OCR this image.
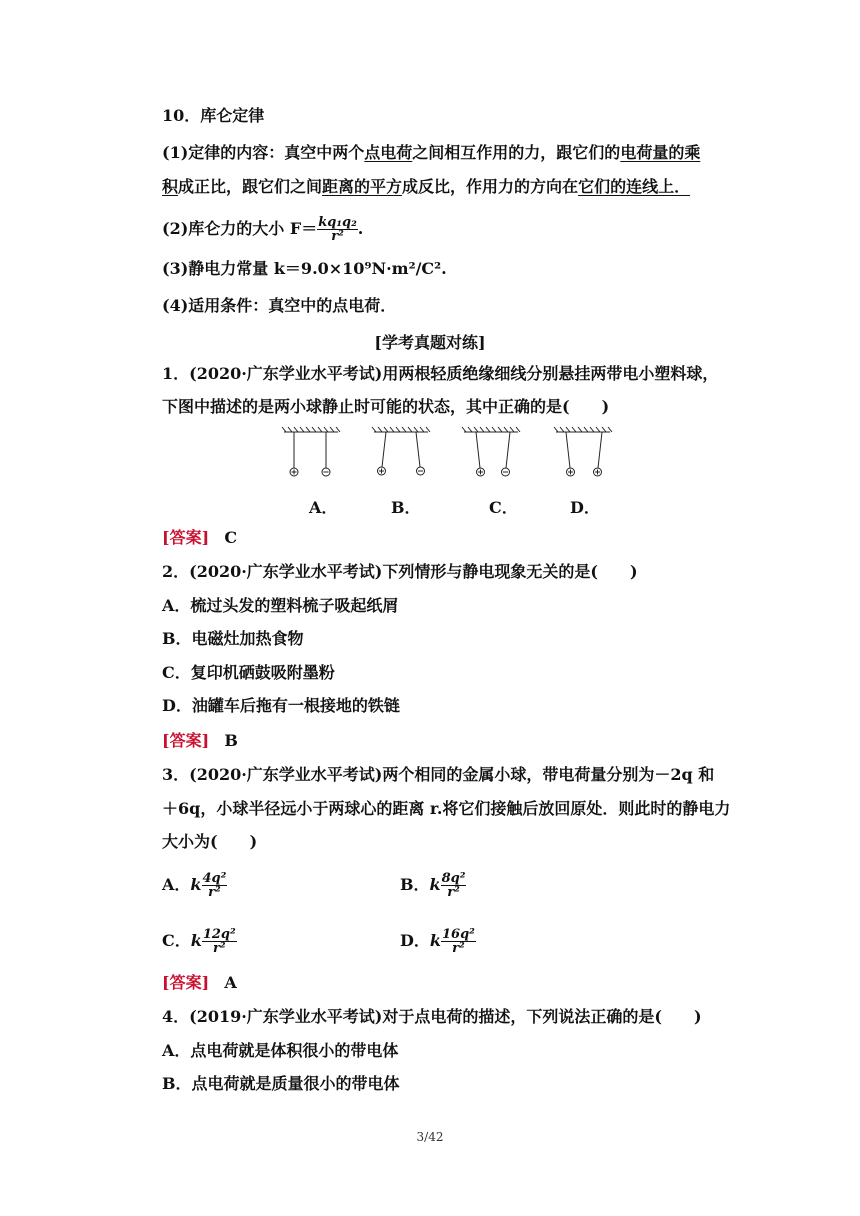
10．库仑定律
(1)定律的内容：真空中两个点电荷之间相互作用的力，跟它们的电荷量的乘
积成正比，跟它们之间距离的平方成反比，作用力的方向在它们的连线上．
(2)库仑力的大小 $F= \frac{\text{kq₁q₂}}{\text{r²}}$ .
(3)静电力常量 k＝9.0×10⁹N·m²/C².
(4)适用条件：真空中的点电荷．
[学考真题对练]
1．(2020·广东学业水平考试)用两根轻质绝缘细线分别悬挂两带电小塑料球，
下图中描述的是两小球静止时可能的状态，其中正确的是(　　)
A．	B．	C．	D．
[答案] C
2．(2020·广东学业水平考试)下列情形与静电现象无关的是(　　)
A．梳过头发的塑料梳子吸起纸屑
B．电磁灶加热食物
C．复印机硒鼓吸附墨粉
D．油罐车后拖有一根接地的铁链
[答案] B
3．(2020·广东学业水平考试)两个相同的金属小球，带电荷量分别为－2q 和
＋6q，小球半径远小于两球心的距离 r.将它们接触后放回原处．则此时的静电力
大小为(　　)
A．k $\frac{\text{4q²}}{\text{r²}}$	B．k $\frac{\text{8q²}}{\text{r²}}$
C．k $\frac{\text{12q²}}{\text{r²}}$	D．k $\frac{\text{16q²}}{\text{r²}}$
[答案] A
4．(2019·广东学业水平考试)对于点电荷的描述，下列说法正确的是(　　)
A．点电荷就是体积很小的带电体
B．点电荷就是质量很小的带电体
3/42
